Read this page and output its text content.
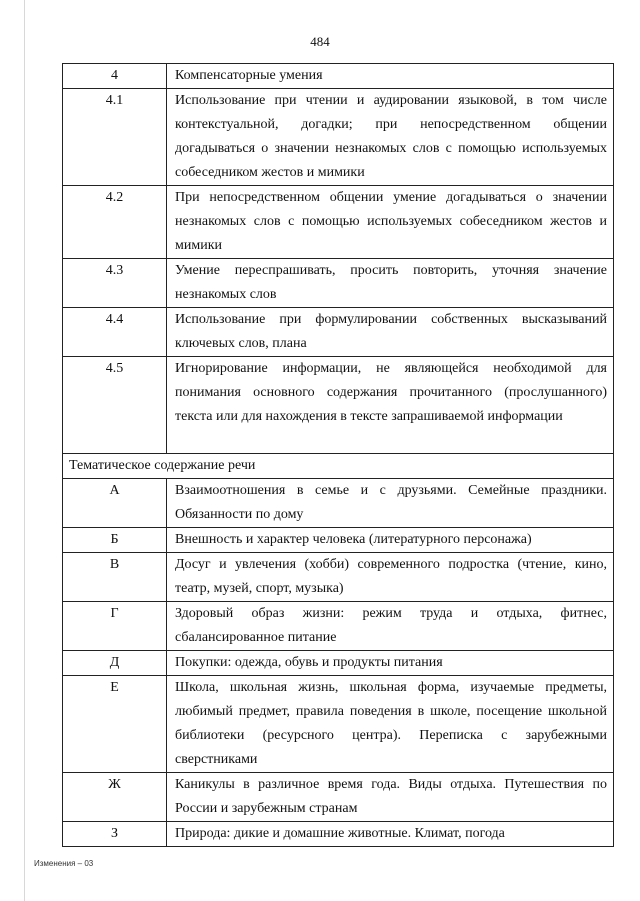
484
4	Компенсаторные умения
4.1	Использование при чтении и аудировании языковой, в том числе контекстуальной, догадки; при непосредственном общении догадываться о значении незнакомых слов с помощью используемых собеседником жестов и мимики
4.2	При непосредственном общении умение догадываться о значении незнакомых слов с помощью используемых собеседником жестов и мимики
4.3	Умение переспрашивать, просить повторить, уточняя значение незнакомых слов
4.4	Использование при формулировании собственных высказываний ключевых слов, плана
4.5	Игнорирование информации, не являющейся необходимой для понимания основного содержания прочитанного (прослушанного) текста или для нахождения в тексте запрашиваемой информации
Тематическое содержание речи	
А	Взаимоотношения в семье и с друзьями. Семейные праздники. Обязанности по дому
Б	Внешность и характер человека (литературного персонажа)
В	Досуг и увлечения (хобби) современного подростка (чтение, кино, театр, музей, спорт, музыка)
Г	Здоровый образ жизни: режим труда и отдыха, фитнес, сбалансированное питание
Д	Покупки: одежда, обувь и продукты питания
Е	Школа, школьная жизнь, школьная форма, изучаемые предметы, любимый предмет, правила поведения в школе, посещение школьной библиотеки (ресурсного центра). Переписка с зарубежными сверстниками
Ж	Каникулы в различное время года. Виды отдыха. Путешествия по России и зарубежным странам
З	Природа: дикие и домашние животные. Климат, погода
Изменения – 03
